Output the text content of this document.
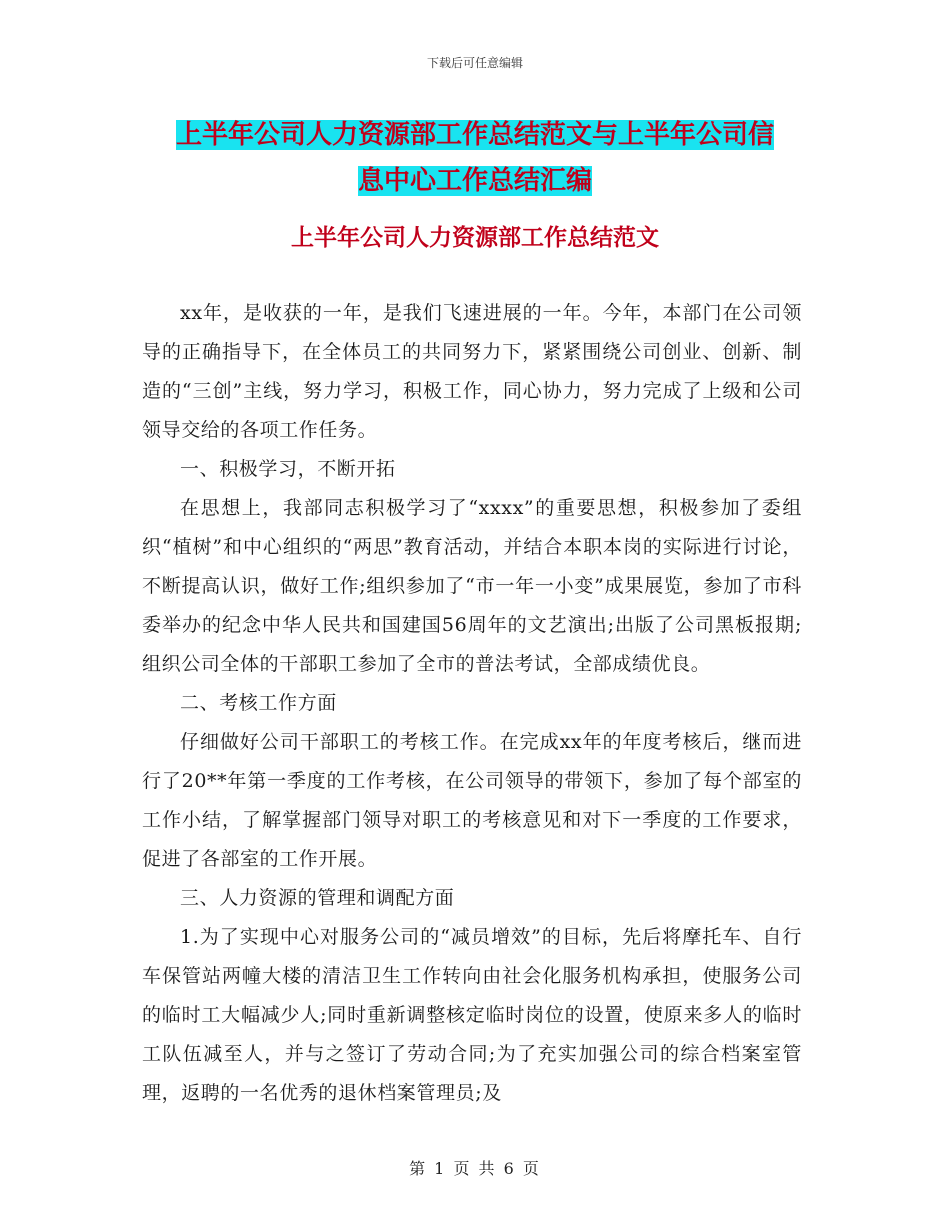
下载后可任意编辑
上半年公司人力资源部工作总结范文与上半年公司信
息中心工作总结汇编
上半年公司人力资源部工作总结范文

xx年，是收获的一年，是我们飞速进展的一年。今年，本部门在公司领导的正确指导下，在全体员工的共同努力下，紧紧围绕公司创业、创新、制造的“三创”主线，努力学习，积极工作，同心协力，努力完成了上级和公司领导交给的各项工作任务。

一、积极学习，不断开拓

在思想上，我部同志积极学习了“xxxx”的重要思想，积极参加了委组织“植树”和中心组织的“两思”教育活动，并结合本职本岗的实际进行讨论，不断提高认识，做好工作;组织参加了“市一年一小变”成果展览，参加了市科委举办的纪念中华人民共和国建国56周年的文艺演出;出版了公司黑板报期;组织公司全体的干部职工参加了全市的普法考试，全部成绩优良。

二、考核工作方面

仔细做好公司干部职工的考核工作。在完成xx年的年度考核后，继而进行了20**年第一季度的工作考核，在公司领导的带领下，参加了每个部室的工作小结，了解掌握部门领导对职工的考核意见和对下一季度的工作要求，促进了各部室的工作开展。

三、人力资源的管理和调配方面

1.为了实现中心对服务公司的“减员增效”的目标，先后将摩托车、自行车保管站两幢大楼的清洁卫生工作转向由社会化服务机构承担，使服务公司的临时工大幅减少人;同时重新调整核定临时岗位的设置，使原来多人的临时工队伍减至人，并与之签订了劳动合同;为了充实加强公司的综合档案室管理，返聘的一名优秀的退休档案管理员;及

第 1 页 共 6 页
